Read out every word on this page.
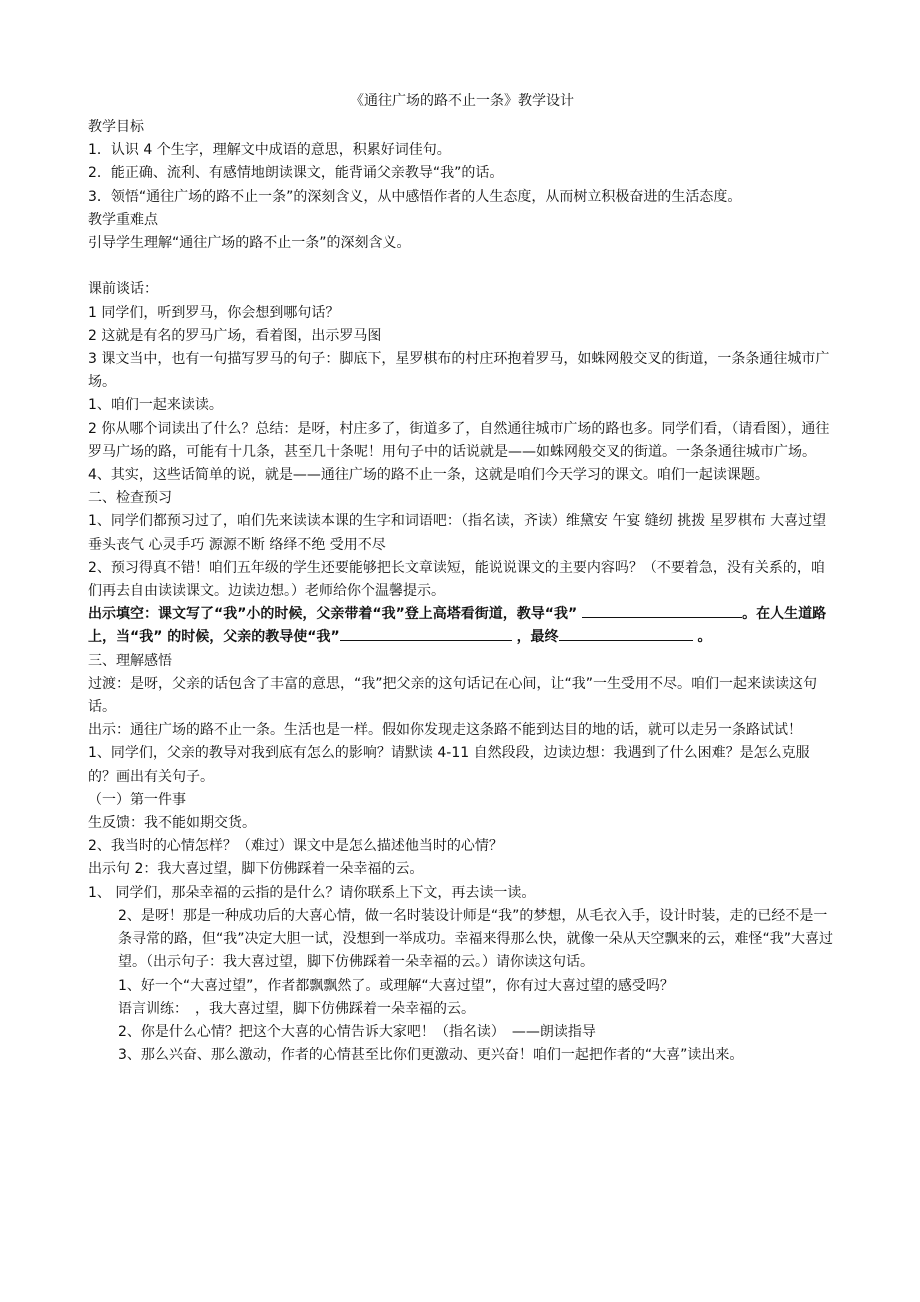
《通往广场的路不止一条》教学设计

教学目标

1．认识 4 个生字，理解文中成语的意思，积累好词佳句。

2．能正确、流利、有感情地朗读课文，能背诵父亲教导“我”的话。

3．领悟“通往广场的路不止一条”的深刻含义，从中感悟作者的人生态度，从而树立积极奋进的生活态度。

教学重难点

引导学生理解“通往广场的路不止一条”的深刻含义。

课前谈话：

1 同学们，听到罗马，你会想到哪句话？

2 这就是有名的罗马广场，看着图，出示罗马图

3 课文当中，也有一句描写罗马的句子：脚底下，星罗棋布的村庄环抱着罗马，如蛛网般交叉的街道，一条条通往城市广场。

1、咱们一起来读读。

2 你从哪个词读出了什么？总结：是呀，村庄多了，街道多了，自然通往城市广场的路也多。同学们看，（请看图），通往罗马广场的路，可能有十几条，甚至几十条呢！用句子中的话说就是——如蛛网般交叉的街道。一条条通往城市广场。

4、其实，这些话简单的说，就是——通往广场的路不止一条，这就是咱们今天学习的课文。咱们一起读课题。

二、检查预习

1、同学们都预习过了，咱们先来读读本课的生字和词语吧：（指名读，齐读）维黛安 午宴 缝纫 挑拨 星罗棋布 大喜过望 垂头丧气 心灵手巧 源源不断 络绎不绝 受用不尽

2、预习得真不错！咱们五年级的学生还要能够把长文章读短，能说说课文的主要内容吗？（不要着急，没有关系的，咱们再去自由读读课文。边读边想。）老师给你个温馨提示。

出示填空：课文写了“我”小的时候，父亲带着“我”登上高塔看街道，教导“我”	。在人生道路上，当“我” 的时候，父亲的教导使“我”	，最终	。

三、理解感悟

过渡：是呀，父亲的话包含了丰富的意思，“我”把父亲的这句话记在心间，让“我”一生受用不尽。咱们一起来读读这句话。

出示：通往广场的路不止一条。生活也是一样。假如你发现走这条路不能到达目的地的话，就可以走另一条路试试！

1、同学们，父亲的教导对我到底有怎么的影响？请默读 4-11 自然段段，边读边想：我遇到了什么困难？是怎么克服的？画出有关句子。

（一）第一件事

生反馈：我不能如期交货。

2、我当时的心情怎样？（难过）课文中是怎么描述他当时的心情？

出示句 2：我大喜过望，脚下仿佛踩着一朵幸福的云。

1、 同学们，那朵幸福的云指的是什么？请你联系上下文，再去读一读。

2、是呀！那是一种成功后的大喜心情，做一名时装设计师是“我”的梦想，从毛衣入手，设计时装，走的已经不是一条寻常的路，但“我”决定大胆一试，没想到一举成功。幸福来得那么快，就像一朵从天空飘来的云，难怪“我”大喜过望。（出示句子：我大喜过望，脚下仿佛踩着一朵幸福的云。）请你读这句话。

1、好一个“大喜过望”，作者都飘飘然了。或理解“大喜过望”，你有过大喜过望的感受吗？

语言训练：　，我大喜过望，脚下仿佛踩着一朵幸福的云。

2、你是什么心情？把这个大喜的心情告诉大家吧！（指名读）　——朗读指导

3、那么兴奋、那么激动，作者的心情甚至比你们更激动、更兴奋！咱们一起把作者的“大喜”读出来。
